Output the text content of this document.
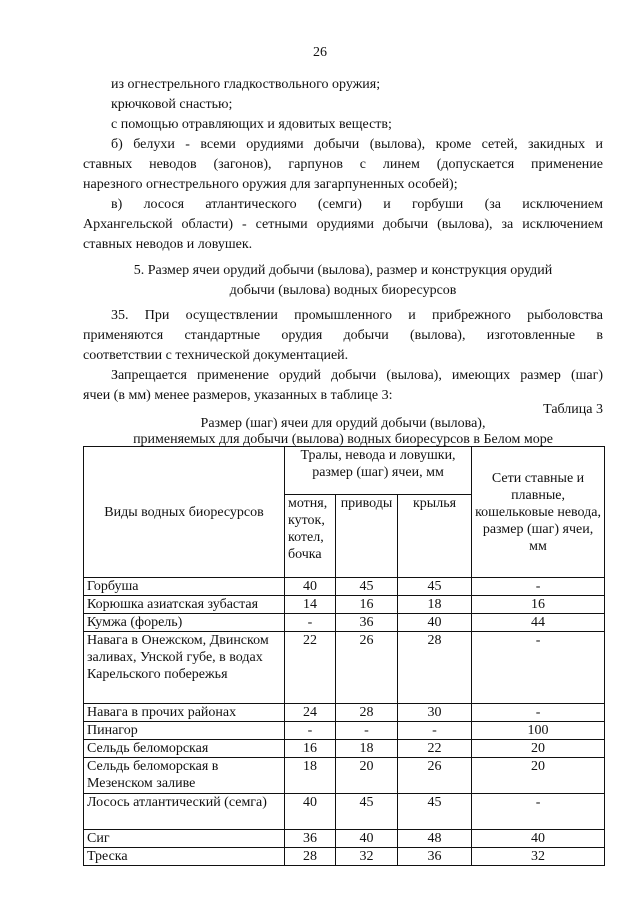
26
из огнестрельного гладкоствольного оружия;
крючковой снастью;
с помощью отравляющих и ядовитых веществ;
б) белухи - всеми орудиями добычи (вылова), кроме сетей, закидных и
ставных неводов (загонов), гарпунов с линем (допускается применение
нарезного огнестрельного оружия для загарпуненных особей);
в) лосося атлантического (семги) и горбуши (за исключением
Архангельской области) - сетными орудиями добычи (вылова), за исключением
ставных неводов и ловушек.
5. Размер ячеи орудий добычи (вылова), размер и конструкция орудий
добычи (вылова) водных биоресурсов
35. При осуществлении промышленного и прибрежного рыболовства
применяются стандартные орудия добычи (вылова), изготовленные в
соответствии с технической документацией.
Запрещается применение орудий добычи (вылова), имеющих размер (шаг)
ячеи (в мм) менее размеров, указанных в таблице 3:
Таблица 3
Размер (шаг) ячеи для орудий добычи (вылова),
применяемых для добычи (вылова) водных биоресурсов в Белом море
Виды водных биоресурсов	Тралы, невода и ловушки, размер (шаг) ячеи, мм			Сети ставные и плавные, кошельковые невода, размер (шаг) ячеи, мм
	мотня, куток, котел, бочка	приводы	крылья	
Горбуша	40	45	45	-
Корюшка азиатская зубастая	14	16	18	16
Кумжа (форель)	-	36	40	44
Навага в Онежском, Двинском заливах, Унской губе, в водах Карельского побережья	22	26	28	-
Навага в прочих районах	24	28	30	-
Пинагор	-	-	-	100
Сельдь беломорская	16	18	22	20
Сельдь беломорская в Мезенском заливе	18	20	26	20
Лосось атлантический (семга)	40	45	45	-
Сиг	36	40	48	40
Треска	28	32	36	32
